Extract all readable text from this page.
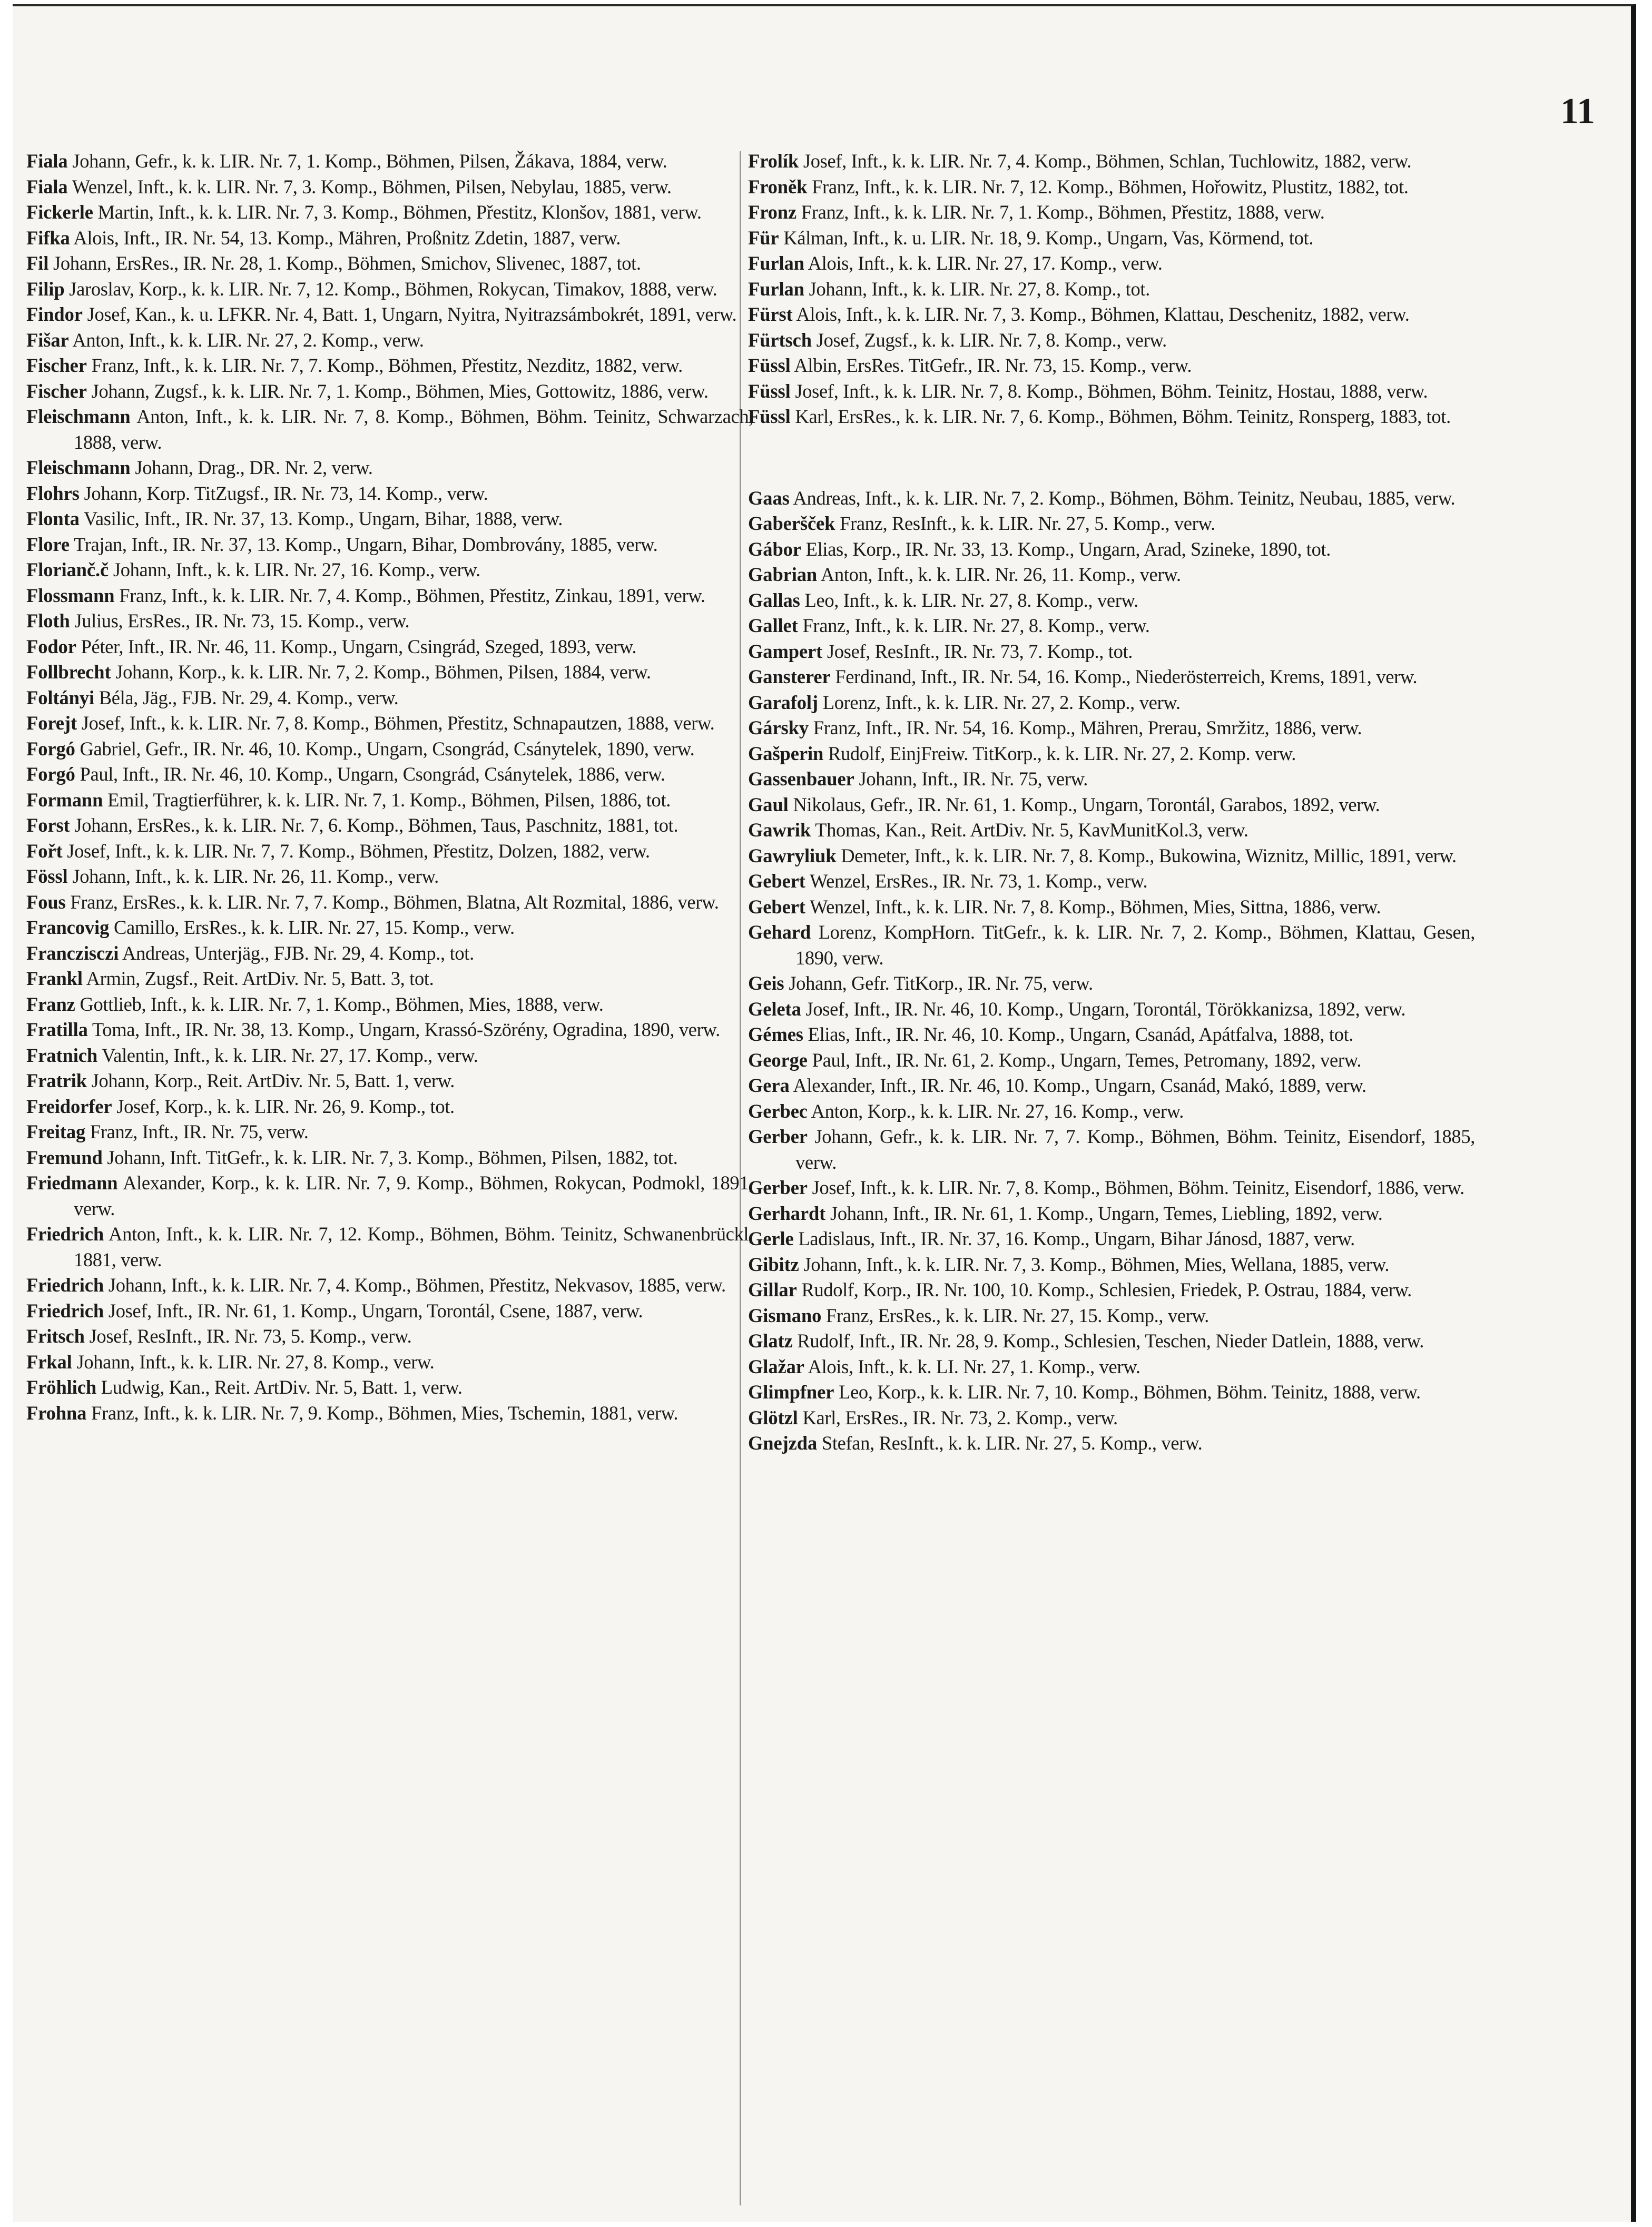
11
Fiala Johann, Gefr., k. k. LIR. Nr. 7, 1. Komp., Böhmen, Pilsen, Žákava, 1884, verw.
Fiala Wenzel, Inft., k. k. LIR. Nr. 7, 3. Komp., Böhmen, Pilsen, Nebylau, 1885, verw.
Fickerle Martin, Inft., k. k. LIR. Nr. 7, 3. Komp., Böhmen, Přestitz, Klonšov, 1881, verw.
Fifka Alois, Inft., IR. Nr. 54, 13. Komp., Mähren, Proßnitz Zdetin, 1887, verw.
Fil Johann, ErsRes., IR. Nr. 28, 1. Komp., Böhmen, Smichov, Slivenec, 1887, tot.
Filip Jaroslav, Korp., k. k. LIR. Nr. 7, 12. Komp., Böhmen, Rokycan, Timakov, 1888, verw.
Findor Josef, Kan., k. u. LFKR. Nr. 4, Batt. 1, Ungarn, Nyitra, Nyitrazsámbokrét, 1891, verw.
Fišar Anton, Inft., k. k. LIR. Nr. 27, 2. Komp., verw.
Fischer Franz, Inft., k. k. LIR. Nr. 7, 7. Komp., Böhmen, Přestitz, Nezditz, 1882, verw.
Fischer Johann, Zugsf., k. k. LIR. Nr. 7, 1. Komp., Böhmen, Mies, Gottowitz, 1886, verw.
Fleischmann Anton, Inft., k. k. LIR. Nr. 7, 8. Komp., Böhmen, Böhm. Teinitz, Schwarzach, 1888, verw.
Fleischmann Johann, Drag., DR. Nr. 2, verw.
Flohrs Johann, Korp. TitZugsf., IR. Nr. 73, 14. Komp., verw.
Flonta Vasilic, Inft., IR. Nr. 37, 13. Komp., Ungarn, Bihar, 1888, verw.
Flore Trajan, Inft., IR. Nr. 37, 13. Komp., Ungarn, Bihar, Dombrovány, 1885, verw.
Florianč.č Johann, Inft., k. k. LIR. Nr. 27, 16. Komp., verw.
Flossmann Franz, Inft., k. k. LIR. Nr. 7, 4. Komp., Böhmen, Přestitz, Zinkau, 1891, verw.
Floth Julius, ErsRes., IR. Nr. 73, 15. Komp., verw.
Fodor Péter, Inft., IR. Nr. 46, 11. Komp., Ungarn, Csingrád, Szeged, 1893, verw.
Follbrecht Johann, Korp., k. k. LIR. Nr. 7, 2. Komp., Böhmen, Pilsen, 1884, verw.
Foltányi Béla, Jäg., FJB. Nr. 29, 4. Komp., verw.
Forejt Josef, Inft., k. k. LIR. Nr. 7, 8. Komp., Böhmen, Přestitz, Schnapautzen, 1888, verw.
Forgó Gabriel, Gefr., IR. Nr. 46, 10. Komp., Ungarn, Csongrád, Csánytelek, 1890, verw.
Forgó Paul, Inft., IR. Nr. 46, 10. Komp., Ungarn, Csongrád, Csánytelek, 1886, verw.
Formann Emil, Tragtierführer, k. k. LIR. Nr. 7, 1. Komp., Böhmen, Pilsen, 1886, tot.
Forst Johann, ErsRes., k. k. LIR. Nr. 7, 6. Komp., Böhmen, Taus, Paschnitz, 1881, tot.
Fořt Josef, Inft., k. k. LIR. Nr. 7, 7. Komp., Böhmen, Přestitz, Dolzen, 1882, verw.
Fössl Johann, Inft., k. k. LIR. Nr. 26, 11. Komp., verw.
Fous Franz, ErsRes., k. k. LIR. Nr. 7, 7. Komp., Böhmen, Blatna, Alt Rozmital, 1886, verw.
Francovig Camillo, ErsRes., k. k. LIR. Nr. 27, 15. Komp., verw.
Franczisczi Andreas, Unterjäg., FJB. Nr. 29, 4. Komp., tot.
Frankl Armin, Zugsf., Reit. ArtDiv. Nr. 5, Batt. 3, tot.
Franz Gottlieb, Inft., k. k. LIR. Nr. 7, 1. Komp., Böhmen, Mies, 1888, verw.
Fratilla Toma, Inft., IR. Nr. 38, 13. Komp., Ungarn, Krassó-Szörény, Ogradina, 1890, verw.
Fratnich Valentin, Inft., k. k. LIR. Nr. 27, 17. Komp., verw.
Fratrik Johann, Korp., Reit. ArtDiv. Nr. 5, Batt. 1, verw.
Freidorfer Josef, Korp., k. k. LIR. Nr. 26, 9. Komp., tot.
Freitag Franz, Inft., IR. Nr. 75, verw.
Fremund Johann, Inft. TitGefr., k. k. LIR. Nr. 7, 3. Komp., Böhmen, Pilsen, 1882, tot.
Friedmann Alexander, Korp., k. k. LIR. Nr. 7, 9. Komp., Böhmen, Rokycan, Podmokl, 1891, verw.
Friedrich Anton, Inft., k. k. LIR. Nr. 7, 12. Komp., Böhmen, Böhm. Teinitz, Schwanenbrückl, 1881, verw.
Friedrich Johann, Inft., k. k. LIR. Nr. 7, 4. Komp., Böhmen, Přestitz, Nekvasov, 1885, verw.
Friedrich Josef, Inft., IR. Nr. 61, 1. Komp., Ungarn, Torontál, Csene, 1887, verw.
Fritsch Josef, ResInft., IR. Nr. 73, 5. Komp., verw.
Frkal Johann, Inft., k. k. LIR. Nr. 27, 8. Komp., verw.
Fröhlich Ludwig, Kan., Reit. ArtDiv. Nr. 5, Batt. 1, verw.
Frohna Franz, Inft., k. k. LIR. Nr. 7, 9. Komp., Böhmen, Mies, Tschemin, 1881, verw.
Frolík Josef, Inft., k. k. LIR. Nr. 7, 4. Komp., Böhmen, Schlan, Tuchlowitz, 1882, verw.
Froněk Franz, Inft., k. k. LIR. Nr. 7, 12. Komp., Böhmen, Hořowitz, Plustitz, 1882, tot.
Fronz Franz, Inft., k. k. LIR. Nr. 7, 1. Komp., Böhmen, Přestitz, 1888, verw.
Für Kálman, Inft., k. u. LIR. Nr. 18, 9. Komp., Ungarn, Vas, Körmend, tot.
Furlan Alois, Inft., k. k. LIR. Nr. 27, 17. Komp., verw.
Furlan Johann, Inft., k. k. LIR. Nr. 27, 8. Komp., tot.
Fürst Alois, Inft., k. k. LIR. Nr. 7, 3. Komp., Böhmen, Klattau, Deschenitz, 1882, verw.
Fürtsch Josef, Zugsf., k. k. LIR. Nr. 7, 8. Komp., verw.
Füssl Albin, ErsRes. TitGefr., IR. Nr. 73, 15. Komp., verw.
Füssl Josef, Inft., k. k. LIR. Nr. 7, 8. Komp., Böhmen, Böhm. Teinitz, Hostau, 1888, verw.
Füssl Karl, ErsRes., k. k. LIR. Nr. 7, 6. Komp., Böhmen, Böhm. Teinitz, Ronsperg, 1883, tot.
Gaas Andreas, Inft., k. k. LIR. Nr. 7, 2. Komp., Böhmen, Böhm. Teinitz, Neubau, 1885, verw.
Gaberšček Franz, ResInft., k. k. LIR. Nr. 27, 5. Komp., verw.
Gábor Elias, Korp., IR. Nr. 33, 13. Komp., Ungarn, Arad, Szineke, 1890, tot.
Gabrian Anton, Inft., k. k. LIR. Nr. 26, 11. Komp., verw.
Gallas Leo, Inft., k. k. LIR. Nr. 27, 8. Komp., verw.
Gallet Franz, Inft., k. k. LIR. Nr. 27, 8. Komp., verw.
Gampert Josef, ResInft., IR. Nr. 73, 7. Komp., tot.
Gansterer Ferdinand, Inft., IR. Nr. 54, 16. Komp., Niederösterreich, Krems, 1891, verw.
Garafolj Lorenz, Inft., k. k. LIR. Nr. 27, 2. Komp., verw.
Gársky Franz, Inft., IR. Nr. 54, 16. Komp., Mähren, Prerau, Smržitz, 1886, verw.
Gašperin Rudolf, EinjFreiw. TitKorp., k. k. LIR. Nr. 27, 2. Komp. verw.
Gassenbauer Johann, Inft., IR. Nr. 75, verw.
Gaul Nikolaus, Gefr., IR. Nr. 61, 1. Komp., Ungarn, Torontál, Garabos, 1892, verw.
Gawrik Thomas, Kan., Reit. ArtDiv. Nr. 5, KavMunitKol.3, verw.
Gawryliuk Demeter, Inft., k. k. LIR. Nr. 7, 8. Komp., Bukowina, Wiznitz, Millic, 1891, verw.
Gebert Wenzel, ErsRes., IR. Nr. 73, 1. Komp., verw.
Gebert Wenzel, Inft., k. k. LIR. Nr. 7, 8. Komp., Böhmen, Mies, Sittna, 1886, verw.
Gehard Lorenz, KompHorn. TitGefr., k. k. LIR. Nr. 7, 2. Komp., Böhmen, Klattau, Gesen, 1890, verw.
Geis Johann, Gefr. TitKorp., IR. Nr. 75, verw.
Geleta Josef, Inft., IR. Nr. 46, 10. Komp., Ungarn, Torontál, Törökkanizsa, 1892, verw.
Gémes Elias, Inft., IR. Nr. 46, 10. Komp., Ungarn, Csanád, Apátfalva, 1888, tot.
George Paul, Inft., IR. Nr. 61, 2. Komp., Ungarn, Temes, Petromany, 1892, verw.
Gera Alexander, Inft., IR. Nr. 46, 10. Komp., Ungarn, Csanád, Makó, 1889, verw.
Gerbec Anton, Korp., k. k. LIR. Nr. 27, 16. Komp., verw.
Gerber Johann, Gefr., k. k. LIR. Nr. 7, 7. Komp., Böhmen, Böhm. Teinitz, Eisendorf, 1885, verw.
Gerber Josef, Inft., k. k. LIR. Nr. 7, 8. Komp., Böhmen, Böhm. Teinitz, Eisendorf, 1886, verw.
Gerhardt Johann, Inft., IR. Nr. 61, 1. Komp., Ungarn, Temes, Liebling, 1892, verw.
Gerle Ladislaus, Inft., IR. Nr. 37, 16. Komp., Ungarn, Bihar Jánosd, 1887, verw.
Gibitz Johann, Inft., k. k. LIR. Nr. 7, 3. Komp., Böhmen, Mies, Wellana, 1885, verw.
Gillar Rudolf, Korp., IR. Nr. 100, 10. Komp., Schlesien, Friedek, P. Ostrau, 1884, verw.
Gismano Franz, ErsRes., k. k. LIR. Nr. 27, 15. Komp., verw.
Glatz Rudolf, Inft., IR. Nr. 28, 9. Komp., Schlesien, Teschen, Nieder Datlein, 1888, verw.
Glažar Alois, Inft., k. k. LI. Nr. 27, 1. Komp., verw.
Glimpfner Leo, Korp., k. k. LIR. Nr. 7, 10. Komp., Böhmen, Böhm. Teinitz, 1888, verw.
Glötzl Karl, ErsRes., IR. Nr. 73, 2. Komp., verw.
Gnejzda Stefan, ResInft., k. k. LIR. Nr. 27, 5. Komp., verw.
